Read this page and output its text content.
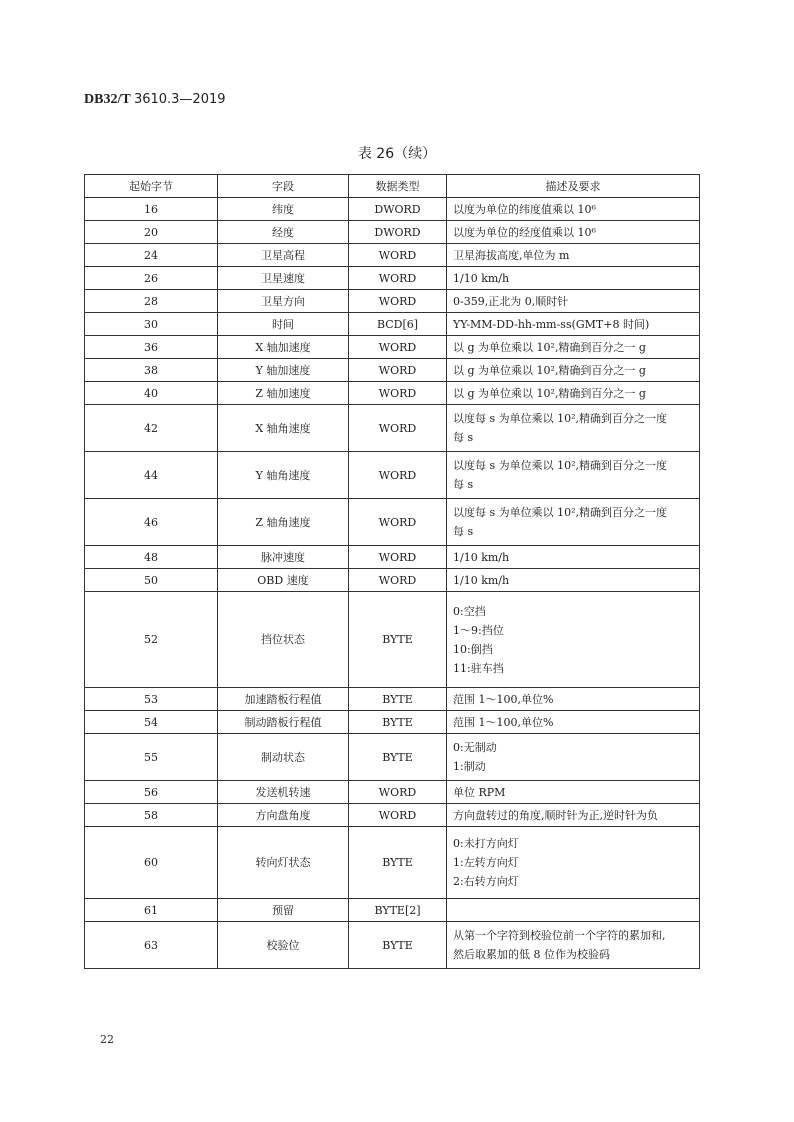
DB32/T 3610.3—2019
表 26（续）
起始字节	字段	数据类型	描述及要求
16	纬度	DWORD	以度为单位的纬度值乘以 10⁶

20	经度	DWORD	以度为单位的经度值乘以 10⁶

24	卫星高程	WORD	卫星海拔高度,单位为 m

26	卫星速度	WORD	1/10 km/h

28	卫星方向	WORD	0-359,正北为 0,顺时针

30	时间	BCD[6]	YY-MM-DD-hh-mm-ss(GMT+8 时间)

36	X 轴加速度	WORD	以 g 为单位乘以 10²,精确到百分之一 g

38	Y 轴加速度	WORD	以 g 为单位乘以 10²,精确到百分之一 g

40	Z 轴加速度	WORD	以 g 为单位乘以 10²,精确到百分之一 g

42	X 轴角速度	WORD	以度每 s 为单位乘以 10²,精确到百分之一度
每 s

44	Y 轴角速度	WORD	以度每 s 为单位乘以 10²,精确到百分之一度
每 s

46	Z 轴角速度	WORD	以度每 s 为单位乘以 10²,精确到百分之一度
每 s

48	脉冲速度	WORD	1/10 km/h

50	OBD 速度	WORD	1/10 km/h

52	挡位状态	BYTE	0:空挡
1～9:挡位
10:倒挡
11:驻车挡

53	加速踏板行程值	BYTE	范围 1～100,单位%

54	制动踏板行程值	BYTE	范围 1～100,单位%

55	制动状态	BYTE	0:无制动
1:制动

56	发送机转速	WORD	单位 RPM

58	方向盘角度	WORD	方向盘转过的角度,顺时针为正,逆时针为负

60	转向灯状态	BYTE	0:未打方向灯
1:左转方向灯
2:右转方向灯

61	预留	BYTE[2]	

63	校验位	BYTE	从第一个字符到校验位前一个字符的累加和,
然后取累加的低 8 位作为校验码
22
